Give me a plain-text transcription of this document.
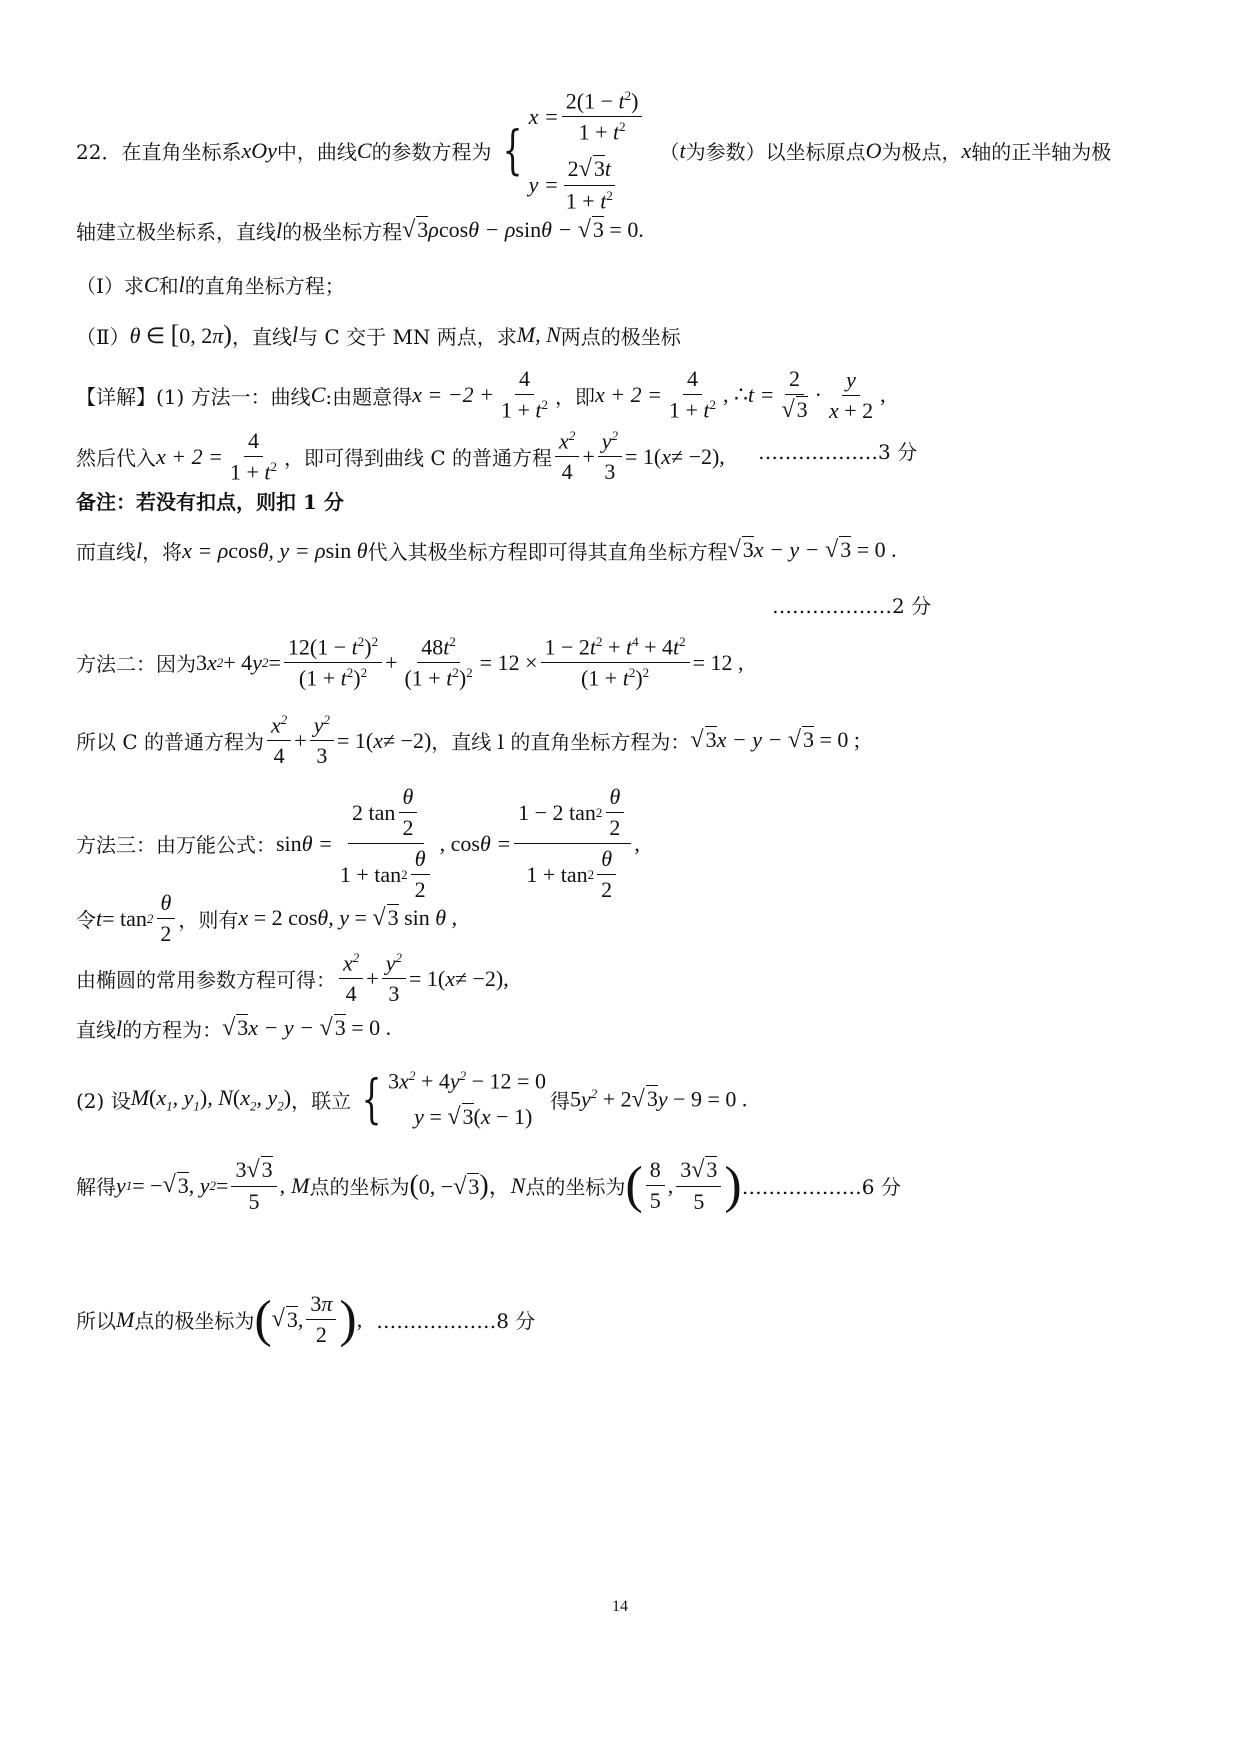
22．在直角坐标系 xOy 中，曲线 C 的参数方程为 {
$x = \frac{2(1 - t^2)}{1 + t^2}$
$y = \frac{2√3t}{1 + t^2}$
（ t 为参数）以坐标原点 O 为极点， x 轴的正半轴为极
轴建立极坐标系，直线 l 的极坐标方程 √3ρcosθ − ρsinθ − √3 = 0.
（Ⅰ）求 C 和 l 的直角坐标方程；
（Ⅱ） θ ∈ [0, 2π) ，直线 l 与 C 交于 MN 两点，求 M, N 两点的极坐标
【详解】 (1) 方法一：曲线 C :由题意得 $x = -2 + \frac{4}{1 + t^2}$ ，即 $x + 2 = \frac{4}{1 + t^2}$ , ∴ $t = \frac{2}{√3} \cdot \frac{y}{x + 2}$ ,
然后代入 $x + 2 = \frac{4}{1 + t^2}$ ，即可得到曲线 C 的普通方程 $\frac{x^2}{4} + \frac{y^2}{3} = 1$( x ≠ −2), ………………3 分
备注：若没有扣点，则扣 1 分
而直线 l ，将 x = ρcosθ, y = ρsin θ 代入其极坐标方程即可得其直角坐标方程 √3x − y − √3 = 0 .
………………2 分
方法二：因为 3 x 2 + 4 y $2 = \frac{12(1 - t^2)^2}{(1 + t^2)^2} + \frac{48t^2}{(1 + t^2)^2} = 12 \times \frac{1 - 2t^2 + t^4 + 4t^2}{(1 + t^2)^2} = 12$ ,
所以 C 的普通方程为 $\frac{x^2}{4} + \frac{y^2}{3} = 1$( x ≠ −2) ，直线 l 的直角坐标方程为： √3x − y − √3 = 0 ;
方法三：由万能公式： $\sin \theta = \frac{2 \tan \frac{\theta}{2}}{1 + \tan 2 \frac{\theta}{2}}$ , $\cos \theta = \frac{1 - 2 \tan 2 \frac{\theta}{2}}{1 + \tan 2 \frac{\theta}{2}}$ ,
令 $t = \tan 2 \frac{\theta}{2}$ ，则有 x = 2 cosθ, y = √3 sin θ ,
由椭圆的常用参数方程可得： $\frac{x^2}{4} + \frac{y^2}{3} = 1$( x ≠ −2),
直线 l 的方程为： √3x − y − √3 = 0 .
(2) 设 $M(x_1$, $y_1$), $N(x_2$, $y_2$) ，联立 { $3x^2 + 4y^2 - 12 = 0$
y = √3(x − 1)
得 $5y^2 + 2√3y - 9 = 0$ .
解得 y 1 = − √ 3 , y $2 = \frac{3√3}{5}$ , M 点的坐标为 (0, −√3)， N 点的坐标为 ( $\frac{8}{5}$ , $\frac{3√3}{5}$ ) ………………6 分
所以 M 点的极坐标为 ( √ 3 , $\frac{3\pi}{2}$ ) , ………………8 分
14
